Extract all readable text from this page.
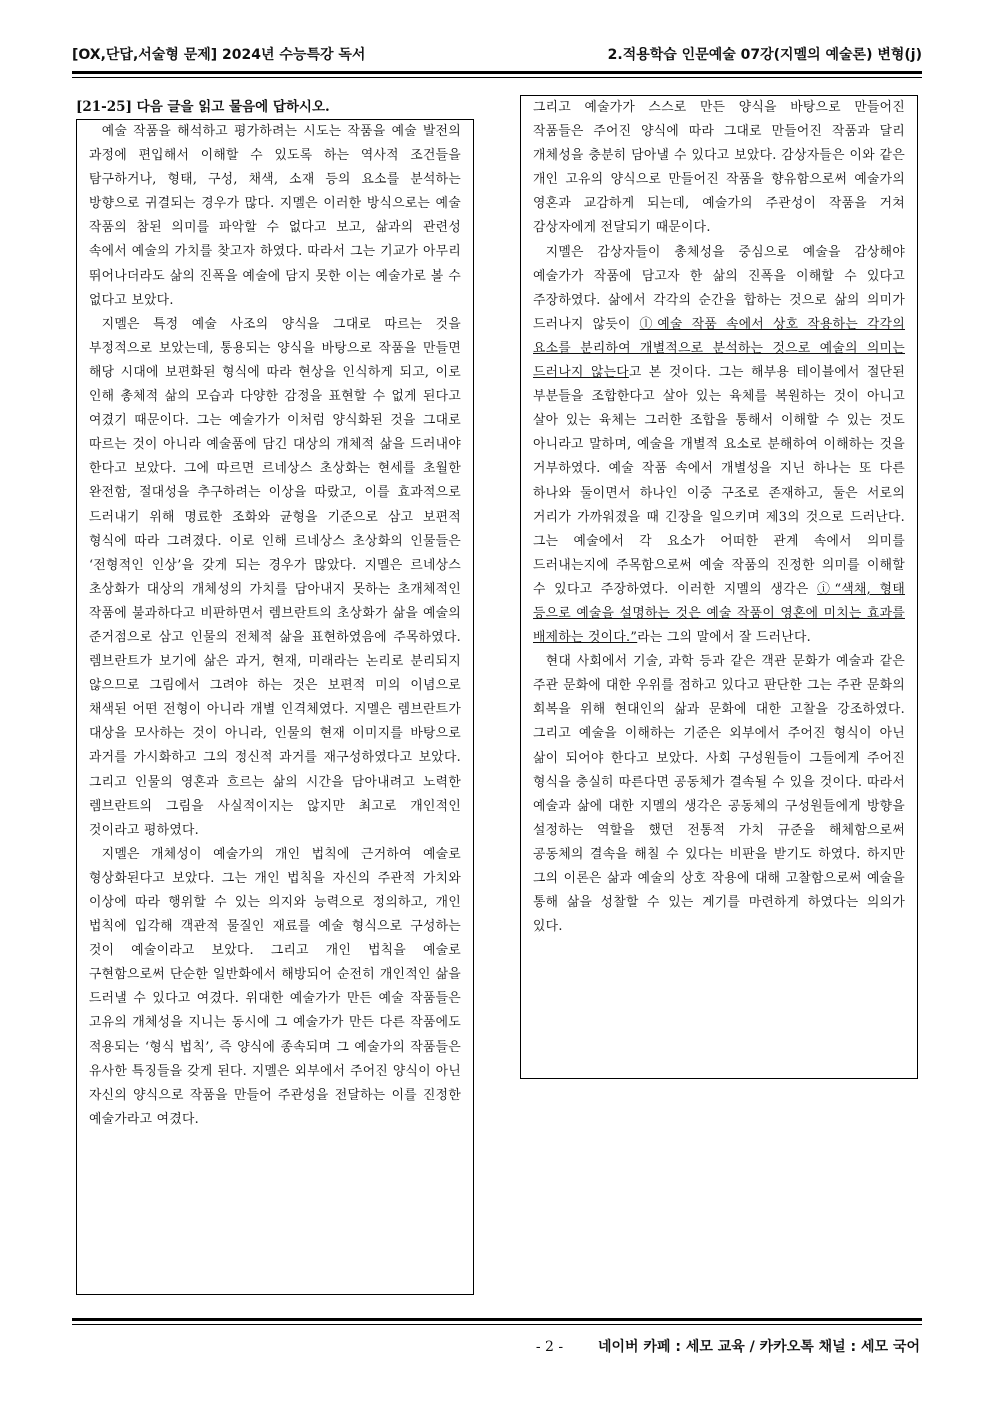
[OX,단답,서술형 문제] 2024년 수능특강 독서	2.적용학습 인문예술 07강(지멜의 예술론) 변형(j)
[21-25] 다음 글을 읽고 물음에 답하시오.

예술 작품을 해석하고 평가하려는 시도는 작품을 예술 발전의 과정에 편입해서 이해할 수 있도록 하는 역사적 조건들을 탐구하거나, 형태, 구성, 채색, 소재 등의 요소를 분석하는 방향으로 귀결되는 경우가 많다. 지멜은 이러한 방식으로는 예술 작품의 참된 의미를 파악할 수 없다고 보고, 삶과의 관련성 속에서 예술의 가치를 찾고자 하였다. 따라서 그는 기교가 아무리 뛰어나더라도 삶의 진폭을 예술에 담지 못한 이는 예술가로 볼 수 없다고 보았다.

지멜은 특정 예술 사조의 양식을 그대로 따르는 것을 부정적으로 보았는데, 통용되는 양식을 바탕으로 작품을 만들면 해당 시대에 보편화된 형식에 따라 현상을 인식하게 되고, 이로 인해 총체적 삶의 모습과 다양한 감정을 표현할 수 없게 된다고 여겼기 때문이다. 그는 예술가가 이처럼 양식화된 것을 그대로 따르는 것이 아니라 예술품에 담긴 대상의 개체적 삶을 드러내야 한다고 보았다. 그에 따르면 르네상스 초상화는 현세를 초월한 완전함, 절대성을 추구하려는 이상을 따랐고, 이를 효과적으로 드러내기 위해 명료한 조화와 균형을 기준으로 삼고 보편적 형식에 따라 그려졌다. 이로 인해 르네상스 초상화의 인물들은 ‘전형적인 인상’을 갖게 되는 경우가 많았다. 지멜은 르네상스 초상화가 대상의 개체성의 가치를 담아내지 못하는 초개체적인 작품에 불과하다고 비판하면서 렘브란트의 초상화가 삶을 예술의 준거점으로 삼고 인물의 전체적 삶을 표현하였음에 주목하였다. 렘브란트가 보기에 삶은 과거, 현재, 미래라는 논리로 분리되지 않으므로 그림에서 그려야 하는 것은 보편적 미의 이념으로 채색된 어떤 전형이 아니라 개별 인격체였다. 지멜은 렘브란트가 대상을 모사하는 것이 아니라, 인물의 현재 이미지를 바탕으로 과거를 가시화하고 그의 정신적 과거를 재구성하였다고 보았다. 그리고 인물의 영혼과 흐르는 삶의 시간을 담아내려고 노력한 렘브란트의 그림을 사실적이지는 않지만 최고로 개인적인 것이라고 평하였다.

지멜은 개체성이 예술가의 개인 법칙에 근거하여 예술로 형상화된다고 보았다. 그는 개인 법칙을 자신의 주관적 가치와 이상에 따라 행위할 수 있는 의지와 능력으로 정의하고, 개인 법칙에 입각해 객관적 물질인 재료를 예술 형식으로 구성하는 것이 예술이라고 보았다. 그리고 개인 법칙을 예술로 구현함으로써 단순한 일반화에서 해방되어 순전히 개인적인 삶을 드러낼 수 있다고 여겼다. 위대한 예술가가 만든 예술 작품들은 고유의 개체성을 지니는 동시에 그 예술가가 만든 다른 작품에도 적용되는 ‘형식 법칙’, 즉 양식에 종속되며 그 예술가의 작품들은 유사한 특징들을 갖게 된다. 지멜은 외부에서 주어진 양식이 아닌 자신의 양식으로 작품을 만들어 주관성을 전달하는 이를 진정한 예술가라고 여겼다.

그리고 예술가가 스스로 만든 양식을 바탕으로 만들어진 작품들은 주어진 양식에 따라 그대로 만들어진 작품과 달리 개체성을 충분히 담아낼 수 있다고 보았다. 감상자들은 이와 같은 개인 고유의 양식으로 만들어진 작품을 향유함으로써 예술가의 영혼과 교감하게 되는데, 예술가의 주관성이 작품을 거쳐 감상자에게 전달되기 때문이다.

지멜은 감상자들이 총체성을 중심으로 예술을 감상해야 예술가가 작품에 담고자 한 삶의 진폭을 이해할 수 있다고 주장하였다. 삶에서 각각의 순간을 합하는 것으로 삶의 의미가 드러나지 않듯이 ⓛ예술 작품 속에서 상호 작용하는 각각의 요소를 분리하여 개별적으로 분석하는 것으로 예술의 의미는 드러나지 않는다고 본 것이다. 그는 해부용 테이블에서 절단된 부분들을 조합한다고 살아 있는 육체를 복원하는 것이 아니고 살아 있는 육체는 그러한 조합을 통해서 이해할 수 있는 것도 아니라고 말하며, 예술을 개별적 요소로 분해하여 이해하는 것을 거부하였다. 예술 작품 속에서 개별성을 지닌 하나는 또 다른 하나와 둘이면서 하나인 이중 구조로 존재하고, 둘은 서로의 거리가 가까워졌을 때 긴장을 일으키며 제3의 것으로 드러난다. 그는 예술에서 각 요소가 어떠한 관계 속에서 의미를 드러내는지에 주목함으로써 예술 작품의 진정한 의미를 이해할 수 있다고 주장하였다. 이러한 지멜의 생각은 ⓘ“색채, 형태 등으로 예술을 설명하는 것은 예술 작품이 영혼에 미치는 효과를 배제하는 것이다.”라는 그의 말에서 잘 드러난다.

현대 사회에서 기술, 과학 등과 같은 객관 문화가 예술과 같은 주관 문화에 대한 우위를 점하고 있다고 판단한 그는 주관 문화의 회복을 위해 현대인의 삶과 문화에 대한 고찰을 강조하였다. 그리고 예술을 이해하는 기준은 외부에서 주어진 형식이 아닌 삶이 되어야 한다고 보았다. 사회 구성원들이 그들에게 주어진 형식을 충실히 따른다면 공동체가 결속될 수 있을 것이다. 따라서 예술과 삶에 대한 지멜의 생각은 공동체의 구성원들에게 방향을 설정하는 역할을 했던 전통적 가치 규준을 해체함으로써 공동체의 결속을 해칠 수 있다는 비판을 받기도 하였다. 하지만 그의 이론은 삶과 예술의 상호 작용에 대해 고찰함으로써 예술을 통해 삶을 성찰할 수 있는 계기를 마련하게 하였다는 의의가 있다.

- 2 - 네이버 카페 : 세모 교육 / 카카오톡 채널 : 세모 국어
